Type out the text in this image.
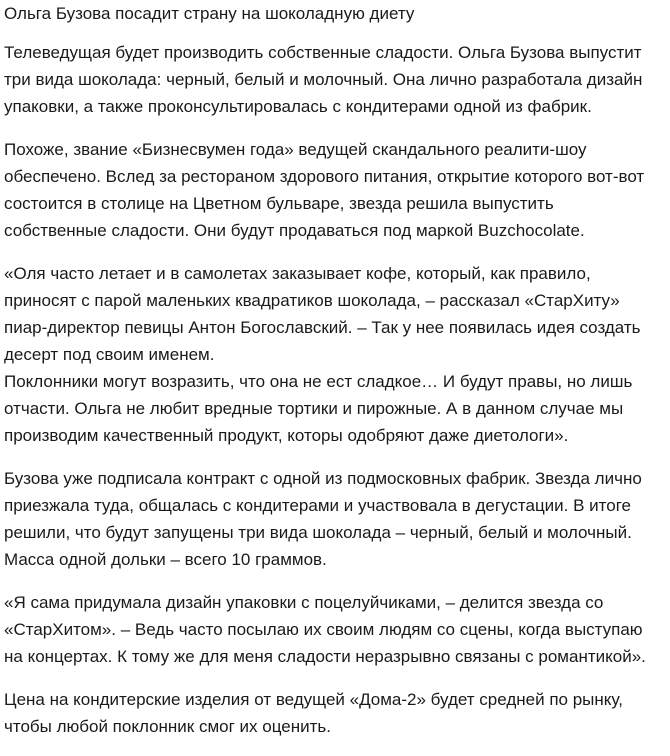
Ольга Бузова посадит страну на шоколадную диету
Телеведущая будет производить собственные сладости. Ольга Бузова выпустит
три вида шоколада: черный, белый и молочный. Она лично разработала дизайн
упаковки, а также проконсультировалась с кондитерами одной из фабрик.
Похоже, звание «Бизнесвумен года» ведущей скандального реалити-шоу
обеспечено. Вслед за рестораном здорового питания, открытие которого вот-вот
состоится в столице на Цветном бульваре, звезда решила выпустить
собственные сладости. Они будут продаваться под маркой Buzchocolate.
«Оля часто летает и в самолетах заказывает кофе, который, как правило,
приносят с парой маленьких квадратиков шоколада, – рассказал «СтарХиту»
пиар-директор певицы Антон Богославский. – Так у нее появилась идея создать
десерт под своим именем.
Поклонники могут возразить, что она не ест сладкое… И будут правы, но лишь
отчасти. Ольга не любит вредные тортики и пирожные. А в данном случае мы
производим качественный продукт, которы одобряют даже диетологи».
Бузова уже подписала контракт с одной из подмосковных фабрик. Звезда лично
приезжала туда, общалась с кондитерами и участвовала в дегустации. В итоге
решили, что будут запущены три вида шоколада – черный, белый и молочный.
Масса одной дольки – всего 10 граммов.
«Я сама придумала дизайн упаковки с поцелуйчиками, – делится звезда со
«СтарХитом». – Ведь часто посылаю их своим людям со сцены, когда выступаю
на концертах. К тому же для меня сладости неразрывно связаны с романтикой».
Цена на кондитерские изделия от ведущей «Дома-2» будет средней по рынку,
чтобы любой поклонник смог их оценить.
